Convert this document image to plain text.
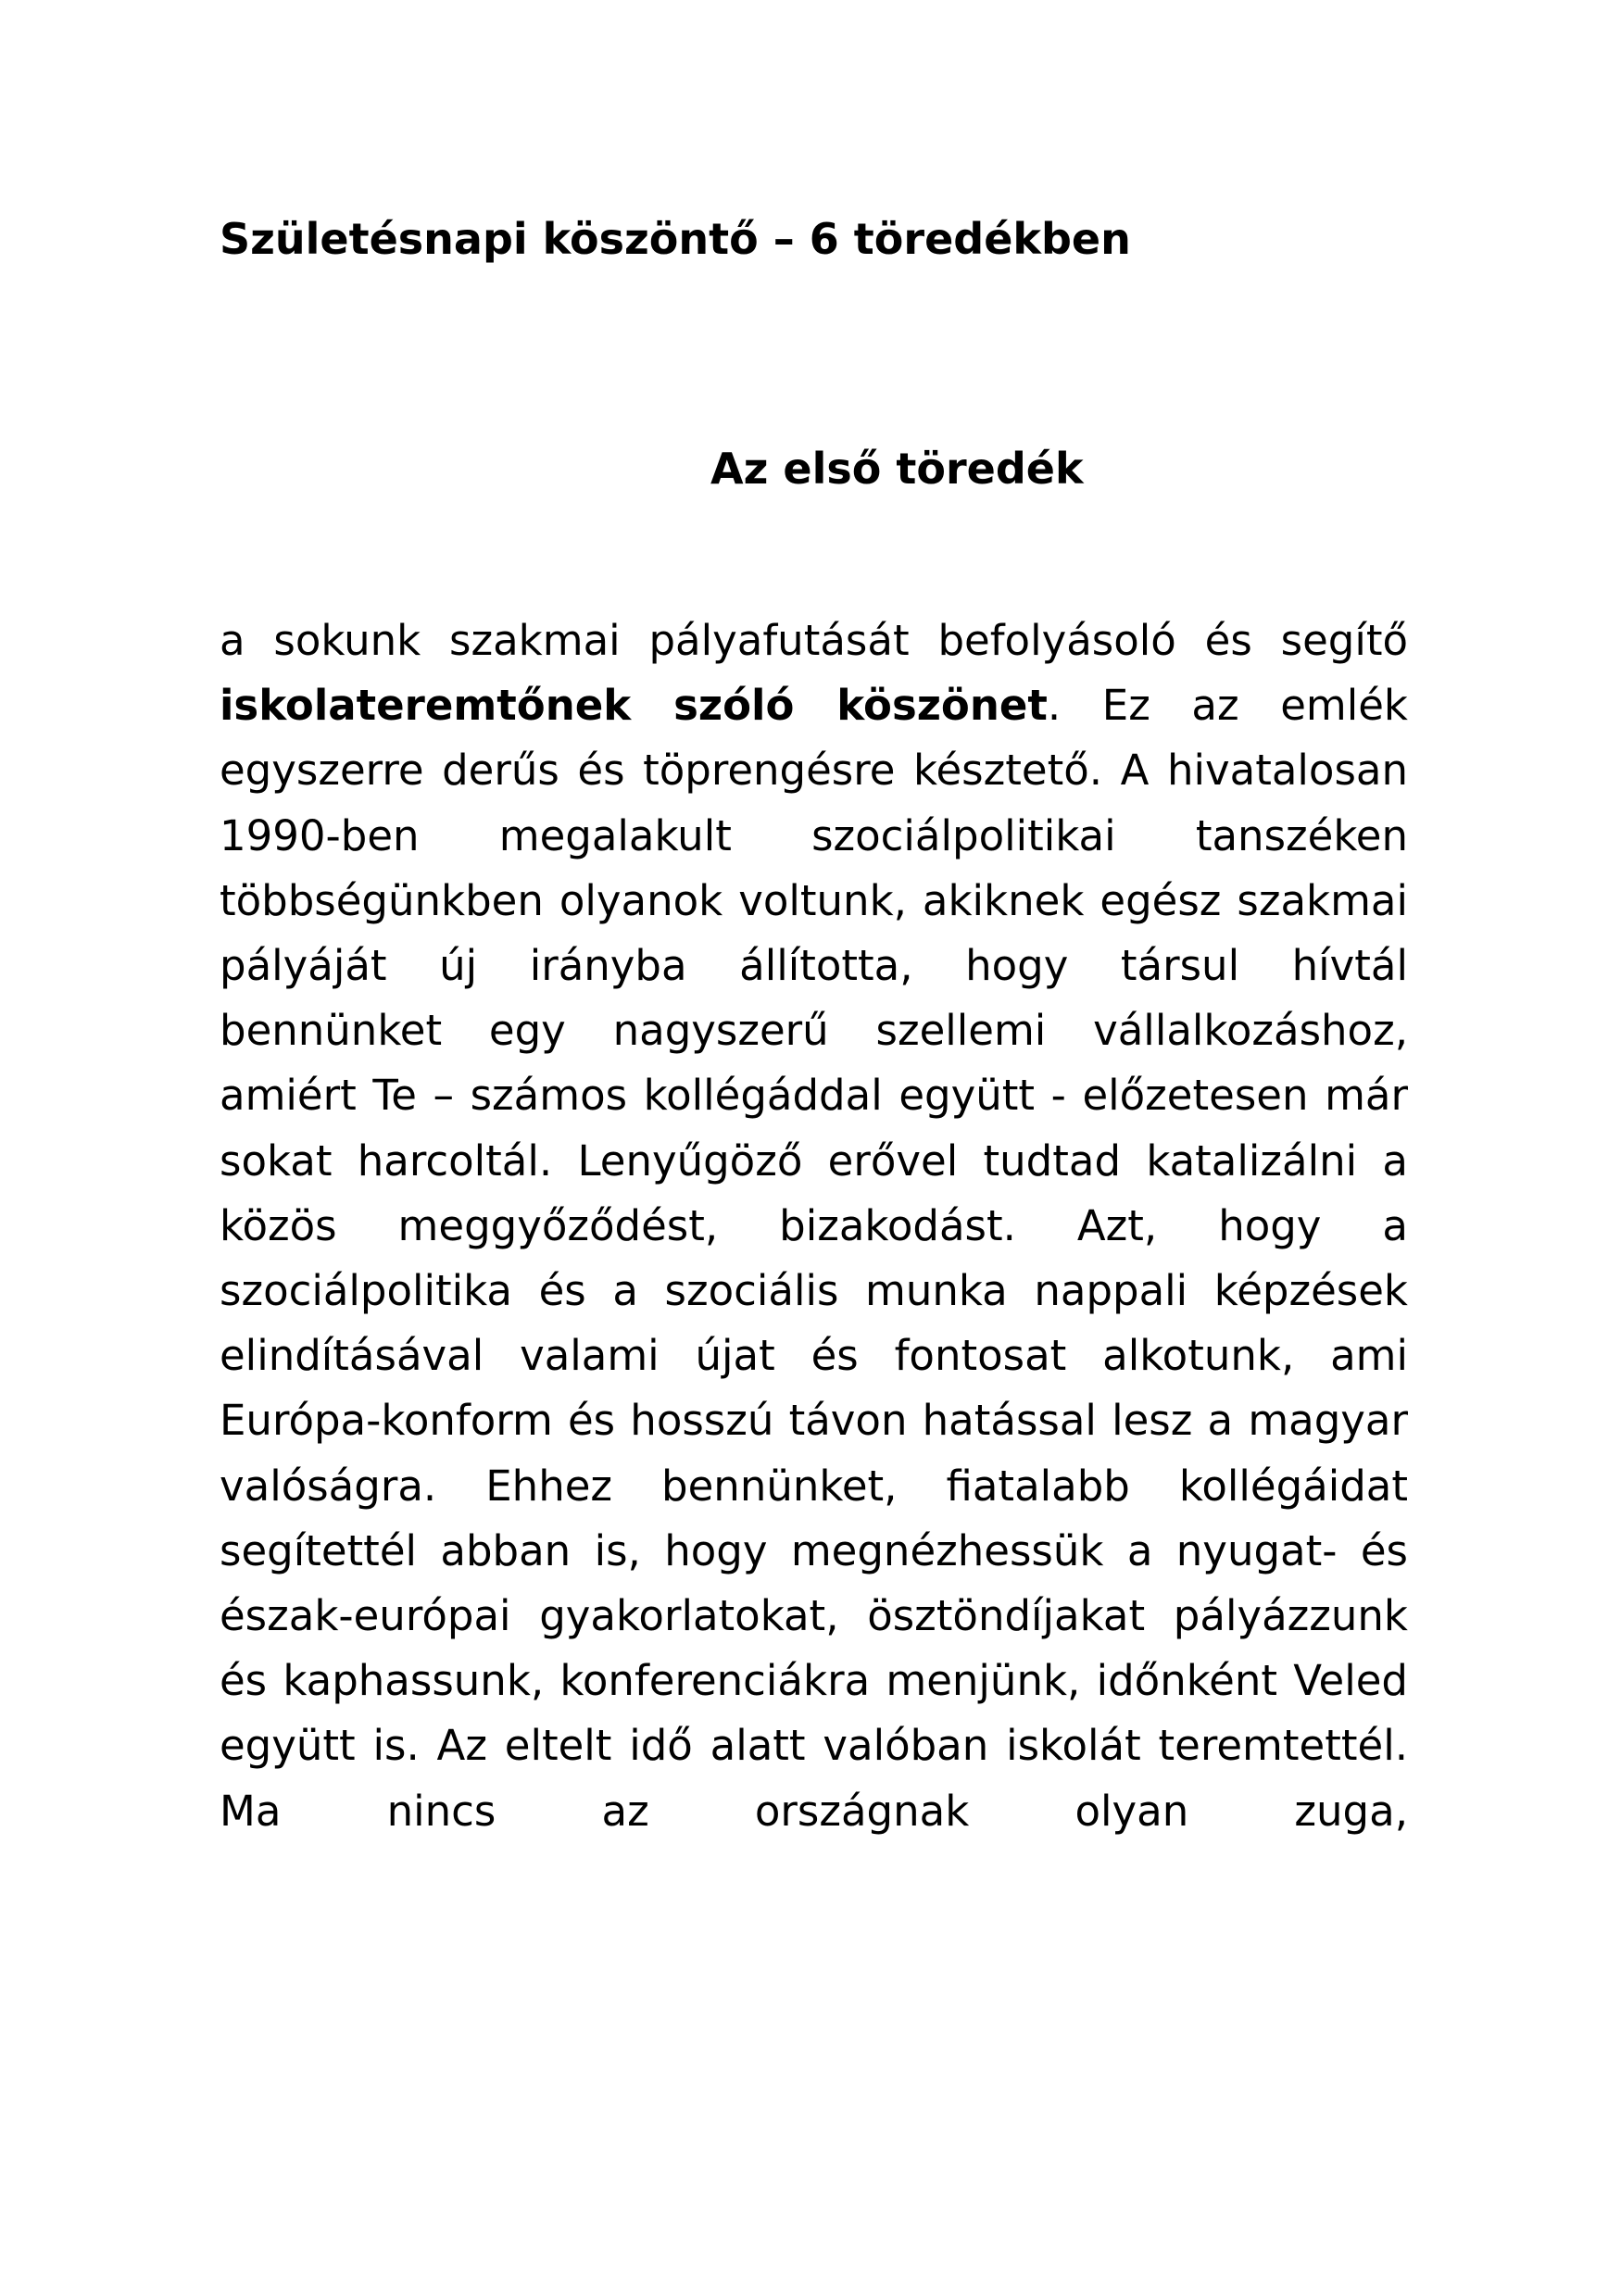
Születésnapi köszöntő – 6 töredékben
Az első töredék

a sokunk szakmai pályafutását befolyásoló és segítő iskolateremtőnek szóló köszönet. Ez az emlék egyszerre derűs és töprengésre késztető. A hivatalosan 1990-ben megalakult szociálpolitikai tanszéken többségünkben olyanok voltunk, akiknek egész szakmai pályáját új irányba állította, hogy társul hívtál bennünket egy nagyszerű szellemi vállalkozáshoz, amiért Te – számos kollégáddal együtt - előzetesen már sokat harcoltál. Lenyűgöző erővel tudtad katalizálni a közös meggyőződést, bizakodást. Azt, hogy a szociálpolitika és a szociális munka nappali képzések elindításával valami újat és fontosat alkotunk, ami Európa-konform és hosszú távon hatással lesz a magyar valóságra. Ehhez bennünket, fiatalabb kollégáidat segítettél abban is, hogy megnézhessük a nyugat- és észak-európai gyakorlatokat, ösztöndíjakat pályázzunk és kaphassunk, konferenciákra menjünk, időnként Veled együtt is. Az eltelt idő alatt valóban iskolát teremtettél. Ma nincs az országnak olyan zuga,
